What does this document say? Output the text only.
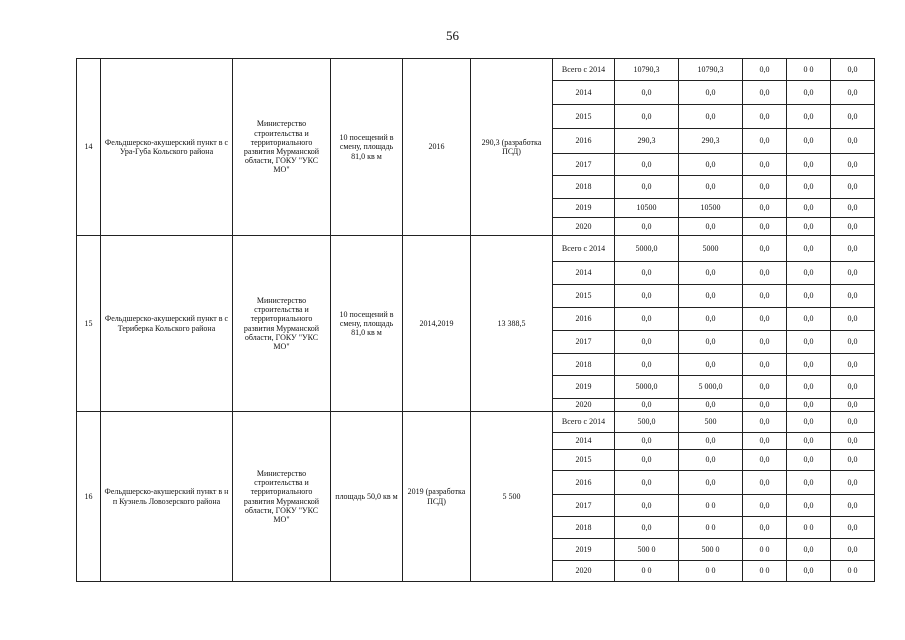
56
14	Фельдшерско-акушерский пункт в с Ура-Губа Кольского района	Министерство строительства и территориального развития Мурманской области, ГОКУ "УКС МО"	10 посещений в смену, площадь 81,0 кв м	2016	290,3 (разработка ПСД)	Всего с 2014	10790,3	10790,3	0,0	0 0	0,0
						2014	0,0	0,0	0,0	0,0	0,0
						2015	0,0	0,0	0,0	0,0	0,0
						2016	290,3	290,3	0,0	0,0	0,0
						2017	0,0	0,0	0,0	0,0	0,0
						2018	0,0	0,0	0,0	0,0	0,0
						2019	10500	10500	0,0	0,0	0,0
						2020	0,0	0,0	0,0	0,0	0,0
15	Фельдшерско-акушерский пункт в с Териберка Кольского района	Министерство строительства и территориального развития Мурманской области, ГОКУ "УКС МО"	10 посещений в смену, площадь 81,0 кв м	2014,2019	13 388,5	Всего с 2014	5000,0	5000	0,0	0,0	0,0
						2014	0,0	0,0	0,0	0,0	0,0
						2015	0,0	0,0	0,0	0,0	0,0
						2016	0,0	0,0	0,0	0,0	0,0
						2017	0,0	0,0	0,0	0,0	0,0
						2018	0,0	0,0	0,0	0,0	0,0
						2019	5000,0	5 000,0	0,0	0,0	0,0
						2020	0,0	0,0	0,0	0,0	0,0
16	Фельдшерско-акушерский пункт в н п Куэнель Ловозерского района	Министерство строительства и территориального развития Мурманской области, ГОКУ "УКС МО"	площадь 50,0 кв м	2019 (разработка ПСД)	5 500	Всего с 2014	500,0	500	0,0	0,0	0,0
						2014	0,0	0,0	0,0	0,0	0,0
						2015	0,0	0,0	0,0	0,0	0,0
						2016	0,0	0,0	0,0	0,0	0,0
						2017	0,0	0 0	0,0	0,0	0,0
						2018	0,0	0 0	0,0	0 0	0,0
						2019	500 0	500 0	0 0	0,0	0,0
						2020	0 0	0 0	0 0	0,0	0 0
